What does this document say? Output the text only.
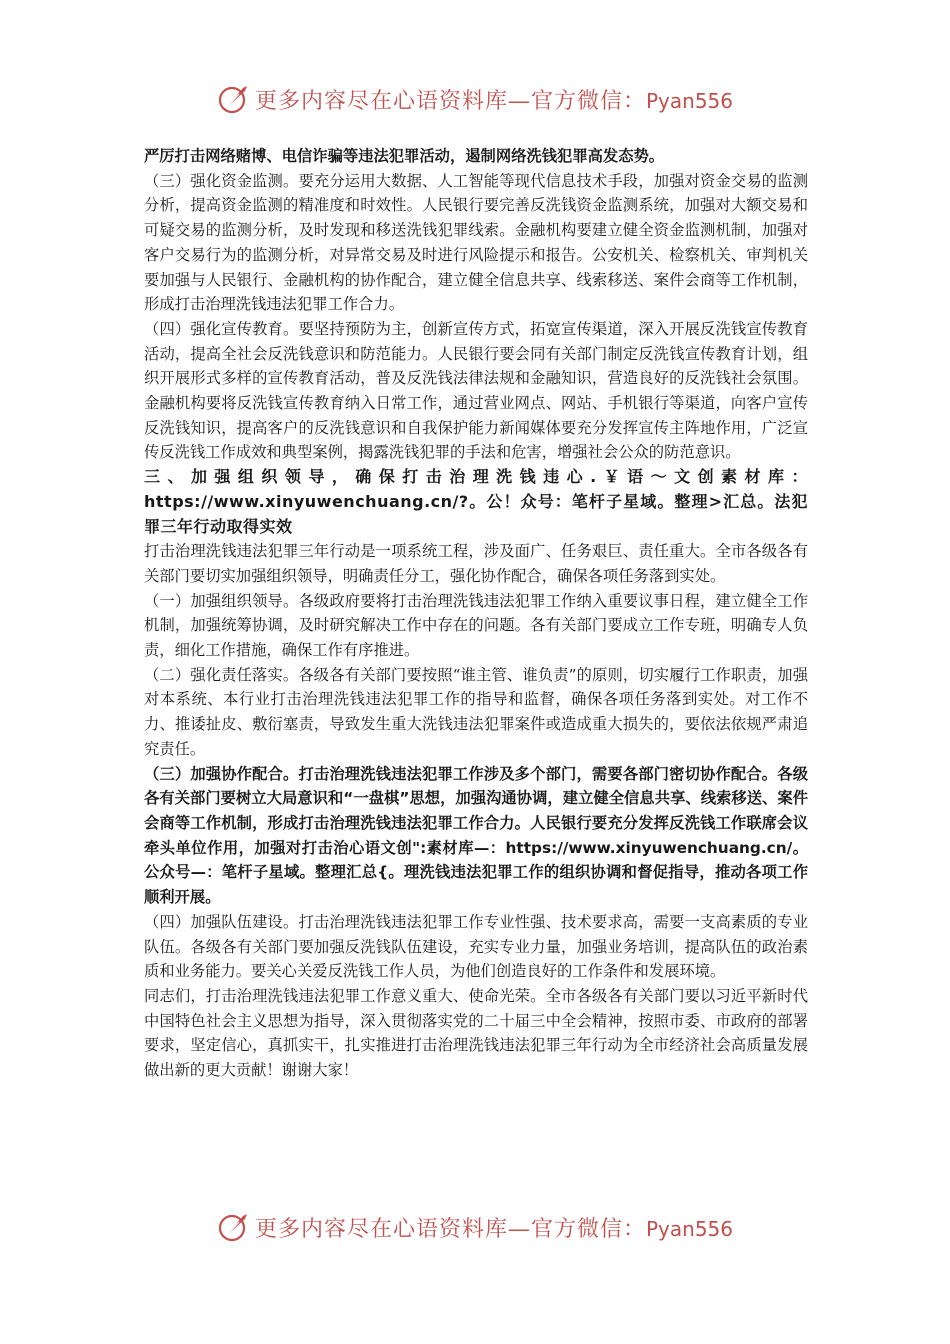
更多内容尽在心语资料库—官方微信：Pyan556

严厉打击网络赌博、电信诈骗等违法犯罪活动，遏制网络洗钱犯罪高发态势。

（三）强化资金监测。要充分运用大数据、人工智能等现代信息技术手段，加强对资金交易的监测分析，提高资金监测的精准度和时效性。人民银行要完善反洗钱资金监测系统，加强对大额交易和可疑交易的监测分析，及时发现和移送洗钱犯罪线索。金融机构要建立健全资金监测机制，加强对客户交易行为的监测分析，对异常交易及时进行风险提示和报告。公安机关、检察机关、审判机关要加强与人民银行、金融机构的协作配合，建立健全信息共享、线索移送、案件会商等工作机制，形成打击治理洗钱违法犯罪工作合力。

（四）强化宣传教育。要坚持预防为主，创新宣传方式，拓宽宣传渠道，深入开展反洗钱宣传教育活动，提高全社会反洗钱意识和防范能力。人民银行要会同有关部门制定反洗钱宣传教育计划，组织开展形式多样的宣传教育活动，普及反洗钱法律法规和金融知识，营造良好的反洗钱社会氛围。金融机构要将反洗钱宣传教育纳入日常工作，通过营业网点、网站、手机银行等渠道，向客户宣传反洗钱知识，提高客户的反洗钱意识和自我保护能力新闻媒体要充分发挥宣传主阵地作用，广泛宣传反洗钱工作成效和典型案例，揭露洗钱犯罪的手法和危害，增强社会公众的防范意识。

三、加强组织领导，确保打击治理洗钱违心.￥语～文创素材库：https://www.xinyuwenchuang.cn/?。公！众号：笔杆子星域。整理>汇总。法犯罪三年行动取得实效

打击治理洗钱违法犯罪三年行动是一项系统工程，涉及面广、任务艰巨、责任重大。全市各级各有关部门要切实加强组织领导，明确责任分工，强化协作配合，确保各项任务落到实处。

（一）加强组织领导。各级政府要将打击治理洗钱违法犯罪工作纳入重要议事日程，建立健全工作机制，加强统筹协调，及时研究解决工作中存在的问题。各有关部门要成立工作专班，明确专人负责，细化工作措施，确保工作有序推进。

（二）强化责任落实。各级各有关部门要按照“谁主管、谁负责”的原则，切实履行工作职责，加强对本系统、本行业打击治理洗钱违法犯罪工作的指导和监督，确保各项任务落到实处。对工作不力、推诿扯皮、敷衍塞责，导致发生重大洗钱违法犯罪案件或造成重大损失的，要依法依规严肃追究责任。

（三）加强协作配合。打击治理洗钱违法犯罪工作涉及多个部门，需要各部门密切协作配合。各级各有关部门要树立大局意识和“一盘棋”思想，加强沟通协调，建立健全信息共享、线索移送、案件会商等工作机制，形成打击治理洗钱违法犯罪工作合力。人民银行要充分发挥反洗钱工作联席会议牵头单位作用，加强对打击治心语文创":素材库—：https://www.xinyuwenchuang.cn/。公众号—：笔杆子星域。整理汇总{。理洗钱违法犯罪工作的组织协调和督促指导，推动各项工作顺利开展。

（四）加强队伍建设。打击治理洗钱违法犯罪工作专业性强、技术要求高，需要一支高素质的专业队伍。各级各有关部门要加强反洗钱队伍建设，充实专业力量，加强业务培训，提高队伍的政治素质和业务能力。要关心关爱反洗钱工作人员，为他们创造良好的工作条件和发展环境。

同志们，打击治理洗钱违法犯罪工作意义重大、使命光荣。全市各级各有关部门要以习近平新时代中国特色社会主义思想为指导，深入贯彻落实党的二十届三中全会精神，按照市委、市政府的部署要求，坚定信心，真抓实干，扎实推进打击治理洗钱违法犯罪三年行动为全市经济社会高质量发展做出新的更大贡献！谢谢大家！

更多内容尽在心语资料库—官方微信：Pyan556
